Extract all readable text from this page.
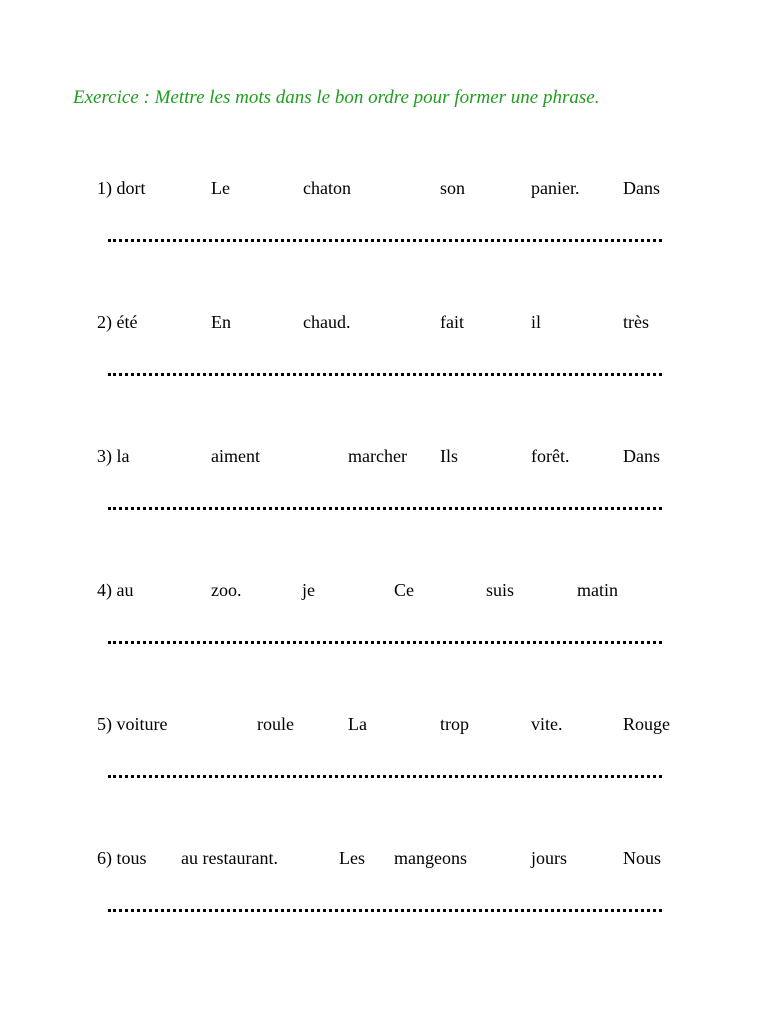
Exercice : Mettre les mots dans le bon ordre pour former une phrase.
1) dort	Le	chaton	son	panier. Dans
2) été	En	chaud.	fait	il	très
3) la	aiment	marcher Ils	forêt.	Dans
4) au	zoo.	je	Ce	suis	matin
5) voiture	roule	La	trop	vite.	Rouge
6) tous au restaurant.	Les mangeons	jours	Nous
